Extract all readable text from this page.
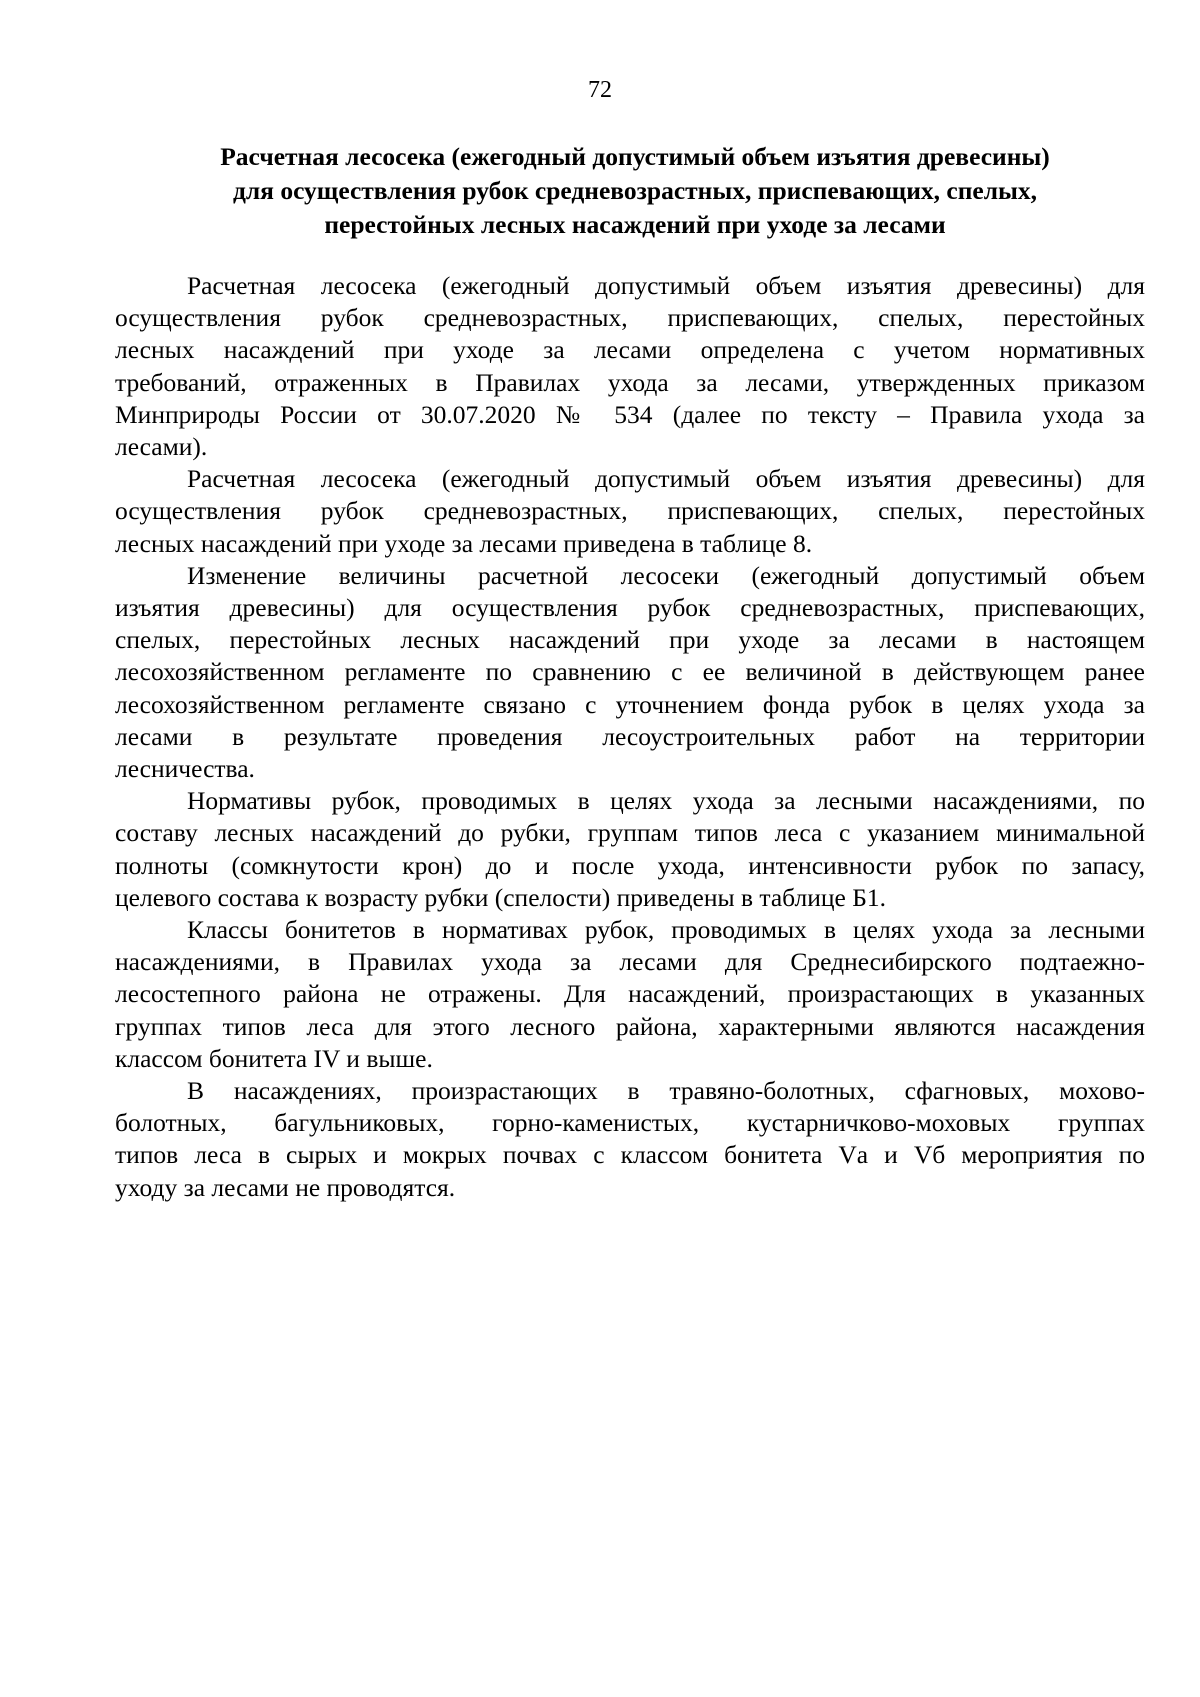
72
Расчетная лесосека (ежегодный допустимый объем изъятия древесины)
для осуществления рубок средневозрастных, приспевающих, спелых,
перестойных лесных насаждений при уходе за лесами
Расчетная лесосека (ежегодный допустимый объем изъятия древесины) для
осуществления рубок средневозрастных, приспевающих, спелых, перестойных
лесных насаждений при уходе за лесами определена с учетом нормативных
требований, отраженных в Правилах ухода за лесами, утвержденных приказом
Минприроды России от 30.07.2020 № 534 (далее по тексту – Правила ухода за
лесами).
Расчетная лесосека (ежегодный допустимый объем изъятия древесины) для
осуществления рубок средневозрастных, приспевающих, спелых, перестойных
лесных насаждений при уходе за лесами приведена в таблице 8.
Изменение величины расчетной лесосеки (ежегодный допустимый объем
изъятия древесины) для осуществления рубок средневозрастных, приспевающих,
спелых, перестойных лесных насаждений при уходе за лесами в настоящем
лесохозяйственном регламенте по сравнению с ее величиной в действующем ранее
лесохозяйственном регламенте связано с уточнением фонда рубок в целях ухода за
лесами в результате проведения лесоустроительных работ на территории
лесничества.
Нормативы рубок, проводимых в целях ухода за лесными насаждениями, по
составу лесных насаждений до рубки, группам типов леса с указанием минимальной
полноты (сомкнутости крон) до и после ухода, интенсивности рубок по запасу,
целевого состава к возрасту рубки (спелости) приведены в таблице Б1.
Классы бонитетов в нормативах рубок, проводимых в целях ухода за лесными
насаждениями, в Правилах ухода за лесами для Среднесибирского подтаежно-
лесостепного района не отражены. Для насаждений, произрастающих в указанных
группах типов леса для этого лесного района, характерными являются насаждения
классом бонитета IV и выше.
В насаждениях, произрастающих в травяно-болотных, сфагновых, мохово-
болотных, багульниковых, горно-каменистых, кустарничково-моховых группах
типов леса в сырых и мокрых почвах с классом бонитета Vа и Vб мероприятия по
уходу за лесами не проводятся.
